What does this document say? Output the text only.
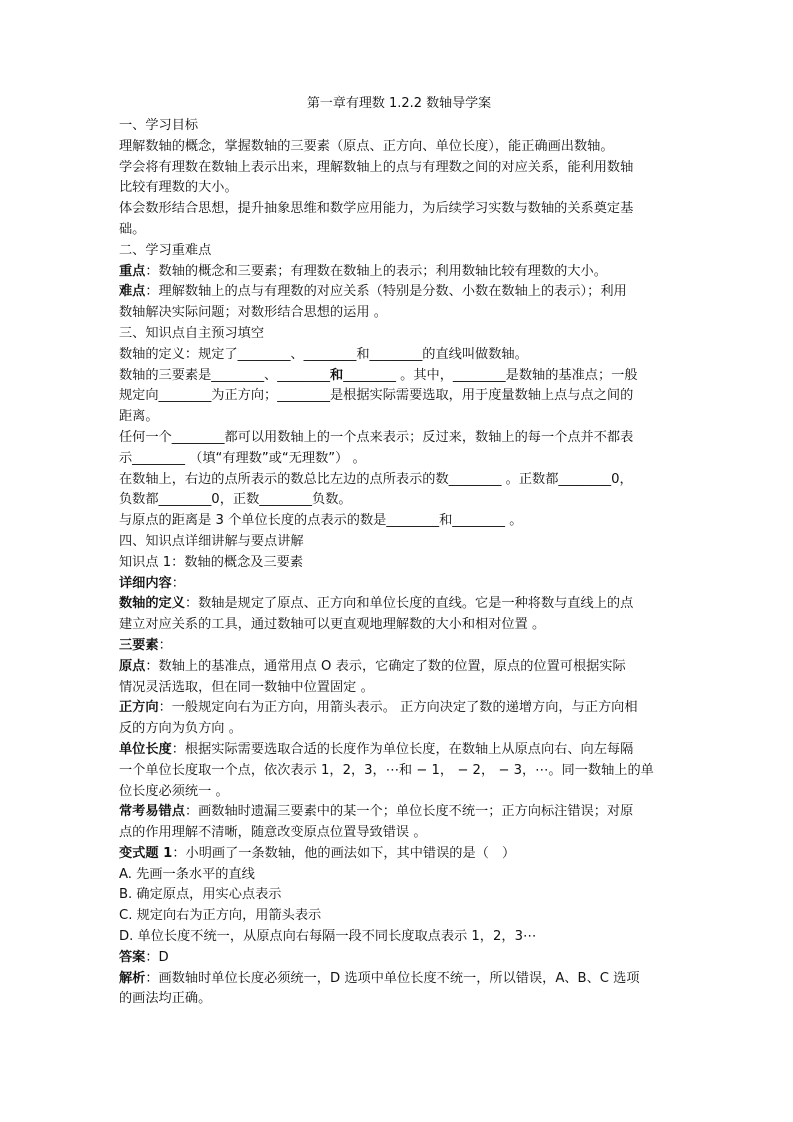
第一章有理数 1.2.2 数轴导学案

一、学习目标

理解数轴的概念，掌握数轴的三要素（原点、正方向、单位长度），能正确画出数轴。

学会将有理数在数轴上表示出来，理解数轴上的点与有理数之间的对应关系，能利用数轴

比较有理数的大小。

体会数形结合思想，提升抽象思维和数学应用能力，为后续学习实数与数轴的关系奠定基

础。

二、学习重难点

重点：数轴的概念和三要素；有理数在数轴上的表示；利用数轴比较有理数的大小。

难点：理解数轴上的点与有理数的对应关系（特别是分数、小数在数轴上的表示）；利用

数轴解决实际问题；对数形结合思想的运用 。

三、知识点自主预习填空

数轴的定义：规定了________、________和________的直线叫做数轴。

数轴的三要素是________、________和________ 。其中，________是数轴的基准点；一般

规定向________为正方向；________是根据实际需要选取，用于度量数轴上点与点之间的

距离。

任何一个________都可以用数轴上的一个点来表示；反过来，数轴上的每一个点并不都表

示________ （填“有理数”或“无理数”） 。

在数轴上，右边的点所表示的数总比左边的点所表示的数________ 。正数都________0，

负数都________0，正数________负数。

与原点的距离是 3 个单位长度的点表示的数是________和________ 。

四、知识点详细讲解与要点讲解

知识点 1：数轴的概念及三要素

详细内容：

数轴的定义：数轴是规定了原点、正方向和单位长度的直线。它是一种将数与直线上的点

建立对应关系的工具，通过数轴可以更直观地理解数的大小和相对位置 。

三要素：

原点：数轴上的基准点，通常用点 O 表示，它确定了数的位置，原点的位置可根据实际

情况灵活选取，但在同一数轴中位置固定 。

正方向：一般规定向右为正方向，用箭头表示。 正方向决定了数的递增方向，与正方向相

反的方向为负方向 。

单位长度：根据实际需要选取合适的长度作为单位长度，在数轴上从原点向右、向左每隔

一个单位长度取一个点，依次表示 1，2，3，⋯和 − 1， − 2， − 3，⋯。同一数轴上的单

位长度必须统一 。

常考易错点：画数轴时遗漏三要素中的某一个；单位长度不统一；正方向标注错误；对原

点的作用理解不清晰，随意改变原点位置导致错误 。

变式题 1：小明画了一条数轴，他的画法如下，其中错误的是（　）

A. 先画一条水平的直线

B. 确定原点，用实心点表示

C. 规定向右为正方向，用箭头表示

D. 单位长度不统一，从原点向右每隔一段不同长度取点表示 1，2，3⋯

答案：D

解析：画数轴时单位长度必须统一，D 选项中单位长度不统一，所以错误，A、B、C 选项

的画法均正确。
